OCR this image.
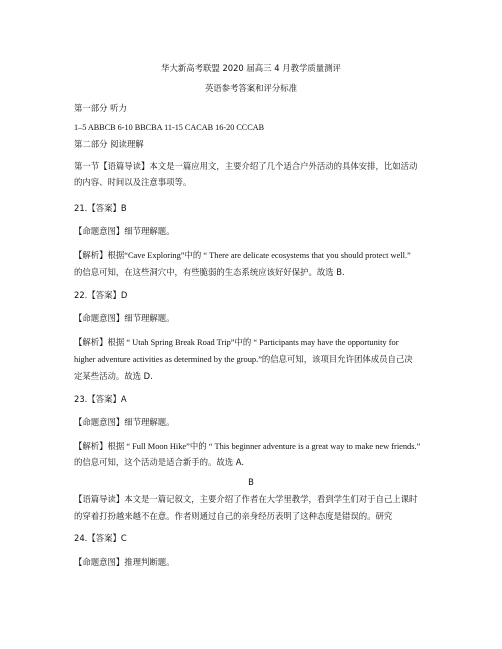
华大新高考联盟 2020 届高三 4 月教学质量测评
英语参考答案和评分标准
第一部分 听力
1–5 ABBCB 6-10 BBCBA 11-15 CACAB 16-20 CCCAB
第二部分 阅读理解
第一节【语篇导读】本文是一篇应用文，主要介绍了几个适合户外活动的具体安排，比如活动
的内容、时间以及注意事项等。
21.【答案】B
【命题意图】细节理解题。
【解析】根据“Cave Exploring”中的 “ There are delicate ecosystems that you should protect well.”
的信息可知，在这些洞穴中，有些脆弱的生态系统应该好好保护。故选 B.
22.【答案】D
【命题意图】细节理解题。
【解析】根据 “ Utah Spring Break Road Trip”中的 “ Participants may have the opportunity for
higher adventure activities as determined by the group.”的信息可知，该项目允许团体成员自己决
定某些活动。故选 D.
23.【答案】A
【命题意图】细节理解题。
【解析】根据 “ Full Moon Hike”中的 “ This beginner adventure is a great way to make new friends.”
的信息可知，这个活动是适合新手的。故选 A.
B
【语篇导读】本文是一篇记叙文，主要介绍了作者在大学里教学，看到学生们对于自己上课时
的穿着打扮越来越不在意。作者则通过自己的亲身经历表明了这种态度是错误的。研究
24.【答案】C
【命题意图】推理判断题。
